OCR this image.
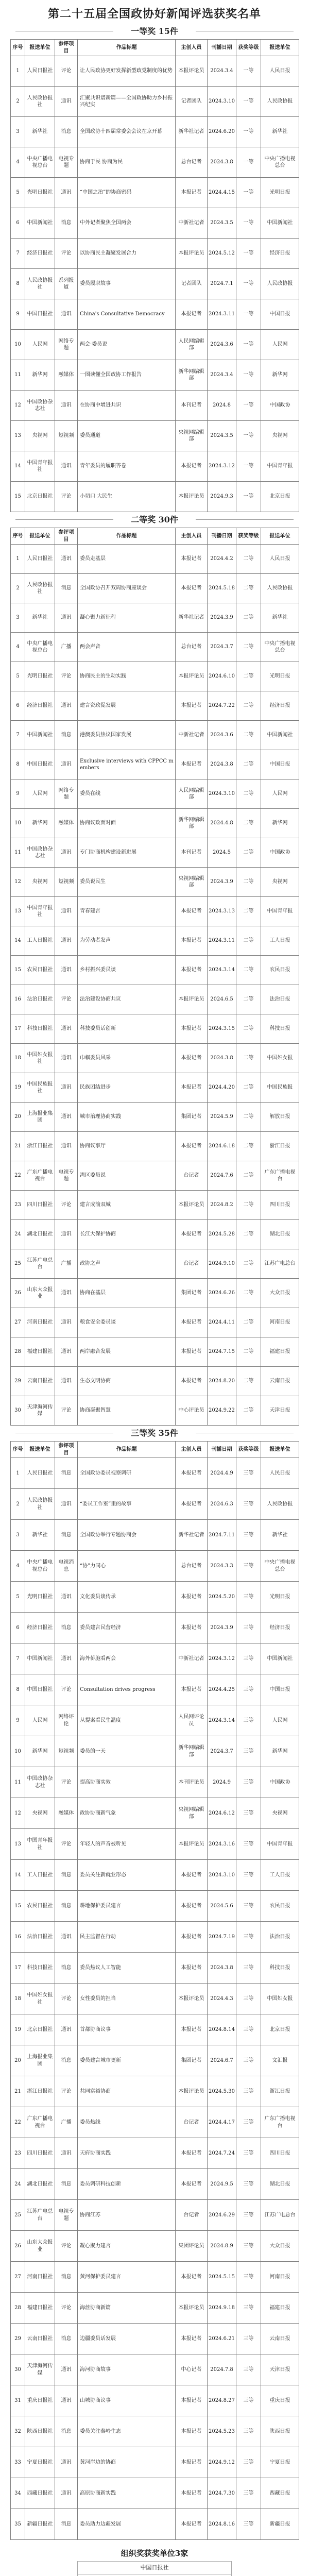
第二十五届全国政协好新闻评选获奖名单
一等奖 15件
序号	报送单位	参评项目	作品标题	主创人员	刊播日期	获奖等级	报送单位
1	人民日报社	评论	让人民政协更好发挥新型政党制度的优势	本报评论员	2024.3.4	一等	人民日报
2	人民政协报社	通讯	汇聚共识谱新篇——全国政协助力乡村振兴纪实	记者团队	2024.3.10	一等	人民政协报
3	新华社	消息	全国政协十四届常委会会议在京开幕	新华社记者	2024.6.20	一等	新华社
4	中央广播电视总台	电视专题	协商于民 协商为民	总台记者	2024.3.8	一等	中央广播电视总台
5	光明日报社	通讯	“中国之治”的协商密码	本报记者	2024.4.15	一等	光明日报
6	中国新闻社	消息	中外记者聚焦全国两会	中新社记者	2024.3.5	一等	中国新闻社
7	经济日报社	评论	以协商民主凝聚发展合力	本报评论员	2024.5.12	一等	经济日报
8	人民政协报社	系列报道	委员履职故事	记者团队	2024.7.1	一等	人民政协报
9	中国日报社	通讯	China's Consultative Democracy	本报记者	2024.3.11	一等	中国日报
10	人民网	网络专题	两会·委员说	人民网编辑部	2024.3.6	一等	人民网
11	新华网	融媒体	一图读懂全国政协工作报告	新华网编辑部	2024.3.4	一等	新华网
12	中国政协杂志社	通讯	在协商中增进共识	本刊记者	2024.8	一等	中国政协
13	央视网	短视频	委员通道	央视网编辑部	2024.3.5	一等	央视网
14	中国青年报社	通讯	青年委员的履职答卷	本报记者	2024.3.12	一等	中国青年报
15	北京日报社	评论	小切口 大民生	本报评论员	2024.9.3	一等	北京日报
二等奖 30件
序号	报送单位	参评项目	作品标题	主创人员	刊播日期	获奖等级	报送单位
1	人民日报社	通讯	委员走基层	本报记者	2024.4.2	二等	人民日报
2	人民政协报社	消息	全国政协召开双周协商座谈会	本报记者	2024.5.18	二等	人民政协报
3	新华社	通讯	凝心聚力新征程	新华社记者	2024.3.9	二等	新华社
4	中央广播电视总台	广播	两会声音	总台记者	2024.3.7	二等	中央广播电视总台
5	光明日报社	评论	协商民主的生动实践	本报评论员	2024.6.10	二等	光明日报
6	经济日报社	通讯	建言资政促发展	本报记者	2024.7.22	二等	经济日报
7	中国新闻社	消息	港澳委员热议国家发展	中新社记者	2024.3.6	二等	中国新闻社
8	中国日报社	通讯	Exclusive interviews with CPPCC members	本报记者	2024.3.8	二等	中国日报
9	人民网	网络专题	委员在线	人民网编辑部	2024.3.10	二等	人民网
10	新华网	融媒体	协商议政面对面	新华网编辑部	2024.4.8	二等	新华网
11	中国政协杂志社	通讯	专门协商机构建设新进展	本刊记者	2024.5	二等	中国政协
12	央视网	短视频	委员说民生	央视网编辑部	2024.3.9	二等	央视网
13	中国青年报社	通讯	青春建言	本报记者	2024.3.13	二等	中国青年报
14	工人日报社	通讯	为劳动者发声	本报记者	2024.3.11	二等	工人日报
15	农民日报社	通讯	乡村振兴委员谈	本报记者	2024.3.14	二等	农民日报
16	法治日报社	评论	法治建设协商共议	本报评论员	2024.6.5	二等	法治日报
17	科技日报社	通讯	科技委员话创新	本报记者	2024.3.15	二等	科技日报
18	中国妇女报社	通讯	巾帼委员风采	本报记者	2024.3.8	二等	中国妇女报
19	中国民族报社	通讯	民族团结进步	本报记者	2024.4.20	二等	中国民族报
20	上海报业集团	通讯	城市治理协商实践	集团记者	2024.5.9	二等	解放日报
21	浙江日报社	通讯	协商议事厅	本报记者	2024.6.18	二等	浙江日报
22	广东广播电视台	电视专题	湾区委员说	台记者	2024.7.6	二等	广东广播电视台
23	四川日报社	评论	建言成渝双城	本报评论员	2024.8.2	二等	四川日报
24	湖北日报社	通讯	长江大保护协商	本报记者	2024.5.28	二等	湖北日报
25	江苏广电总台	广播	政协之声	台记者	2024.9.10	二等	江苏广电总台
26	山东大众报业	通讯	协商在基层	集团记者	2024.6.26	二等	大众日报
27	河南日报社	通讯	粮食安全委员谈	本报记者	2024.4.11	二等	河南日报
28	福建日报社	通讯	两岸融合发展	本报记者	2024.7.15	二等	福建日报
29	云南日报社	通讯	生态文明协商	本报记者	2024.8.20	二等	云南日报
30	天津海河传媒	评论	协商凝聚智慧	中心评论员	2024.9.22	二等	天津日报
三等奖 35件
序号	报送单位	参评项目	作品标题	主创人员	刊播日期	获奖等级	报送单位
1	人民日报社	消息	全国政协委员视察调研	本报记者	2024.4.9	三等	人民日报
2	人民政协报社	通讯	“委员工作室”里的故事	本报记者	2024.6.3	三等	人民政协报
3	新华社	消息	全国政协举行专题协商会	新华社记者	2024.7.11	三等	新华社
4	中央广播电视总台	电视消息	“协”力同心	总台记者	2024.3.3	三等	中央广播电视总台
5	光明日报社	通讯	文化委员谈传承	本报记者	2024.5.20	三等	光明日报
6	经济日报社	消息	委员建言民营经济	本报记者	2024.3.9	三等	经济日报
7	中国新闻社	通讯	海外侨胞看两会	中新社记者	2024.3.12	三等	中国新闻社
8	中国日报社	评论	Consultation drives progress	本报记者	2024.4.25	三等	中国日报
9	人民网	网络评论	从提案看民生温度	人民网评论员	2024.3.14	三等	人民网
10	新华网	短视频	委员的一天	新华网编辑部	2024.3.7	三等	新华网
11	中国政协杂志社	评论	提高协商实效	本刊评论员	2024.9	三等	中国政协
12	央视网	融媒体	政协协商新气象	央视网编辑部	2024.6.12	三等	央视网
13	中国青年报社	评论	年轻人的声音被听见	本报评论员	2024.3.16	三等	中国青年报
14	工人日报社	消息	委员关注新就业形态	本报记者	2024.3.10	三等	工人日报
15	农民日报社	消息	耕地保护委员建言	本报记者	2024.5.6	三等	农民日报
16	法治日报社	通讯	民主监督在行动	本报记者	2024.7.19	三等	法治日报
17	科技日报社	消息	委员热议人工智能	本报记者	2024.3.8	三等	科技日报
18	中国妇女报社	评论	女性委员的担当	本报评论员	2024.4.3	三等	中国妇女报
19	北京日报社	通讯	首都协商议事	本报记者	2024.8.14	三等	北京日报
20	上海报业集团	消息	委员建言城市更新	集团记者	2024.6.7	三等	文汇报
21	浙江日报社	评论	共同富裕协商	本报评论员	2024.5.30	三等	浙江日报
22	广东广播电视台	广播	委员热线	台记者	2024.4.17	三等	广东广播电视台
23	四川日报社	通讯	天府协商实践	本报记者	2024.7.24	三等	四川日报
24	湖北日报社	消息	委员调研科技创新	本报记者	2024.9.5	三等	湖北日报
25	江苏广电总台	电视专题	协商江苏	台记者	2024.6.29	三等	江苏广电总台
26	山东大众报业	评论	凝心聚力建言	集团评论员	2024.8.9	三等	大众日报
27	河南日报社	消息	黄河保护委员建言	本报记者	2024.5.15	三等	河南日报
28	福建日报社	评论	海丝协商新篇	本报评论员	2024.9.18	三等	福建日报
29	云南日报社	消息	边疆委员话发展	本报记者	2024.6.21	三等	云南日报
30	天津海河传媒	通讯	海河协商故事	中心记者	2024.7.8	三等	天津日报
31	重庆日报社	通讯	山城协商议事	本报记者	2024.8.27	三等	重庆日报
32	陕西日报社	消息	委员关注秦岭生态	本报记者	2024.5.23	三等	陕西日报
33	宁夏日报社	通讯	黄河岸边的协商	本报记者	2024.9.12	三等	宁夏日报
34	西藏日报社	通讯	高原协商新实践	本报记者	2024.7.30	三等	西藏日报
35	新疆日报社	消息	委员助力边疆发展	本报记者	2024.8.16	三等	新疆日报
组织奖获奖单位3家
中国日报社
